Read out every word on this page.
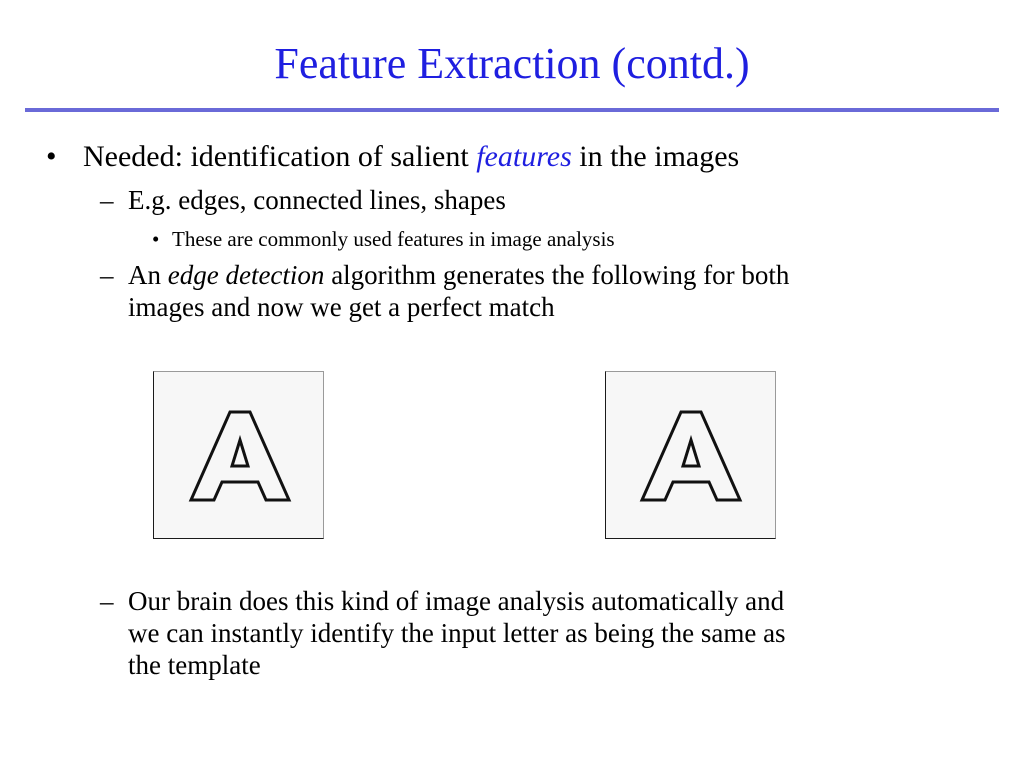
Feature Extraction (contd.)
• Needed: identification of salient features in the images
– E.g. edges, connected lines, shapes
• These are commonly used features in image analysis
– An edge detection algorithm generates the following for both
images and now we get a perfect match
– Our brain does this kind of image analysis automatically and
we can instantly identify the input letter as being the same as
the template
